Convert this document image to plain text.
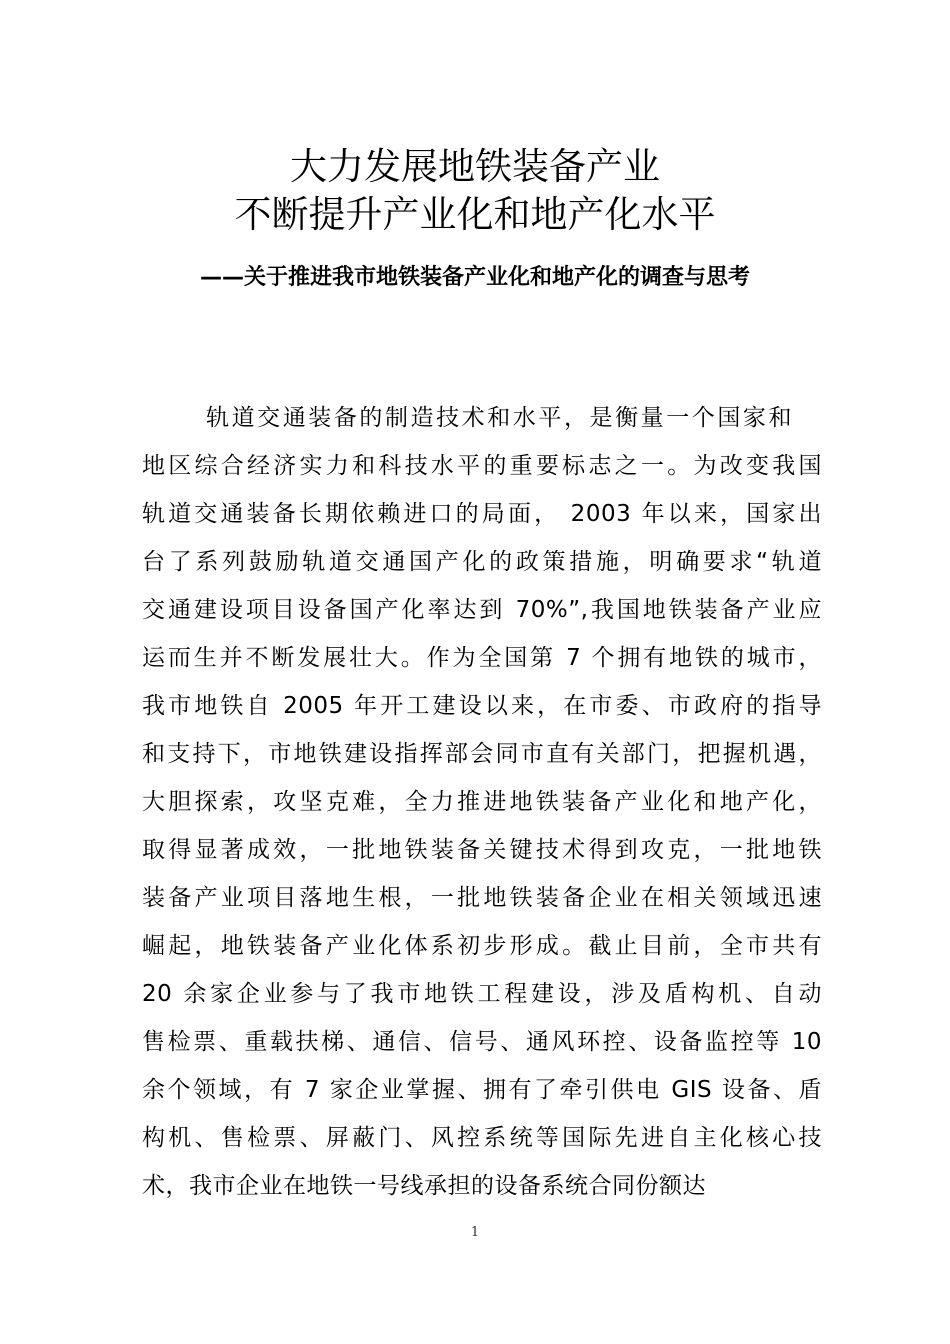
大力发展地铁装备产业
不断提升产业化和地产化水平
——关于推进我市地铁装备产业化和地产化的调查与思考
轨道交通装备的制造技术和水平，是衡量一个国家和
地区综合经济实力和科技水平的重要标志之一。为改变我国
轨道交通装备长期依赖进口的局面， 2003 年以来，国家出
台了系列鼓励轨道交通国产化的政策措施，明确要求“轨道
交通建设项目设备国产化率达到 70%”,我国地铁装备产业应
运而生并不断发展壮大。作为全国第 7 个拥有地铁的城市，
我市地铁自 2005 年开工建设以来，在市委、市政府的指导
和支持下，市地铁建设指挥部会同市直有关部门，把握机遇，
大胆探索，攻坚克难，全力推进地铁装备产业化和地产化，
取得显著成效，一批地铁装备关键技术得到攻克，一批地铁
装备产业项目落地生根，一批地铁装备企业在相关领域迅速
崛起，地铁装备产业化体系初步形成。截止目前，全市共有
20 余家企业参与了我市地铁工程建设，涉及盾构机、自动
售检票、重载扶梯、通信、信号、通风环控、设备监控等 10
余个领域，有 7 家企业掌握、拥有了牵引供电 GIS 设备、盾
构机、售检票、屏蔽门、风控系统等国际先进自主化核心技
术，我市企业在地铁一号线承担的设备系统合同份额达
1
